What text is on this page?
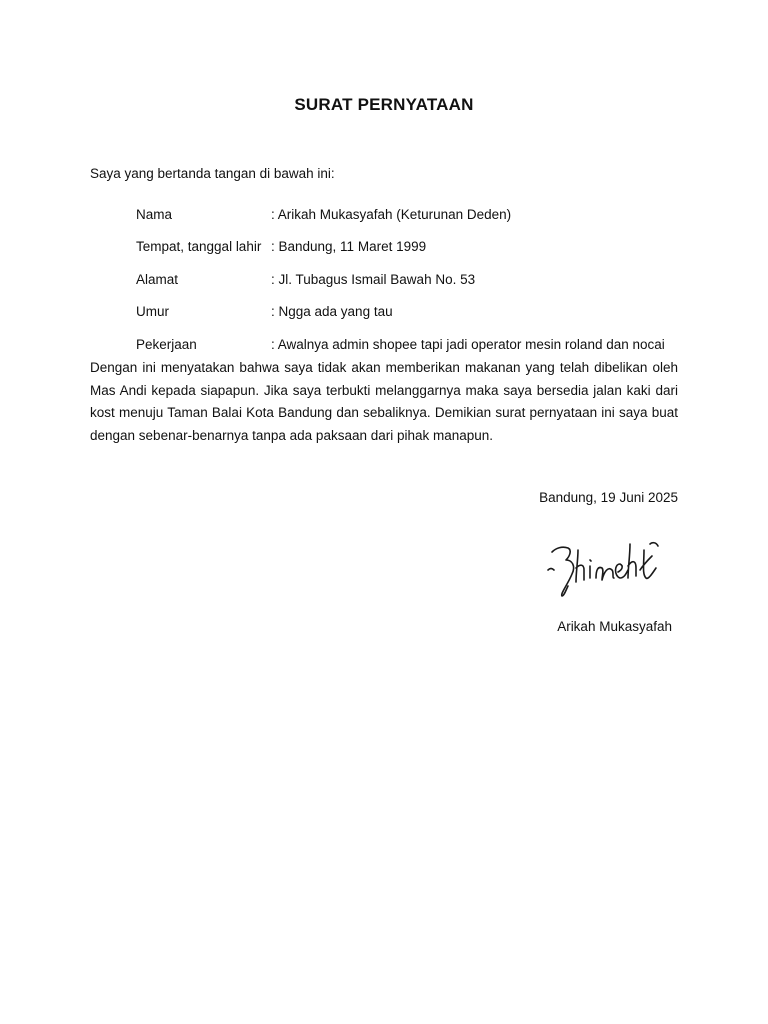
SURAT PERNYATAAN
Saya yang bertanda tangan di bawah ini:
Nama	: Arikah Mukasyafah (Keturunan Deden)
Tempat, tanggal lahir : Bandung, 11 Maret 1999
Alamat	: Jl. Tubagus Ismail Bawah No. 53
Umur	: Ngga ada yang tau
Pekerjaan	: Awalnya admin shopee tapi jadi operator mesin roland dan nocai
Dengan ini menyatakan bahwa saya tidak akan memberikan makanan yang telah dibelikan oleh Mas Andi kepada siapapun. Jika saya terbukti melanggarnya maka saya bersedia jalan kaki dari kost menuju Taman Balai Kota Bandung dan sebaliknya. Demikian surat pernyataan ini saya buat dengan sebenar-benarnya tanpa ada paksaan dari pihak manapun.
Bandung, 19 Juni 2025
Arikah Mukasyafah
